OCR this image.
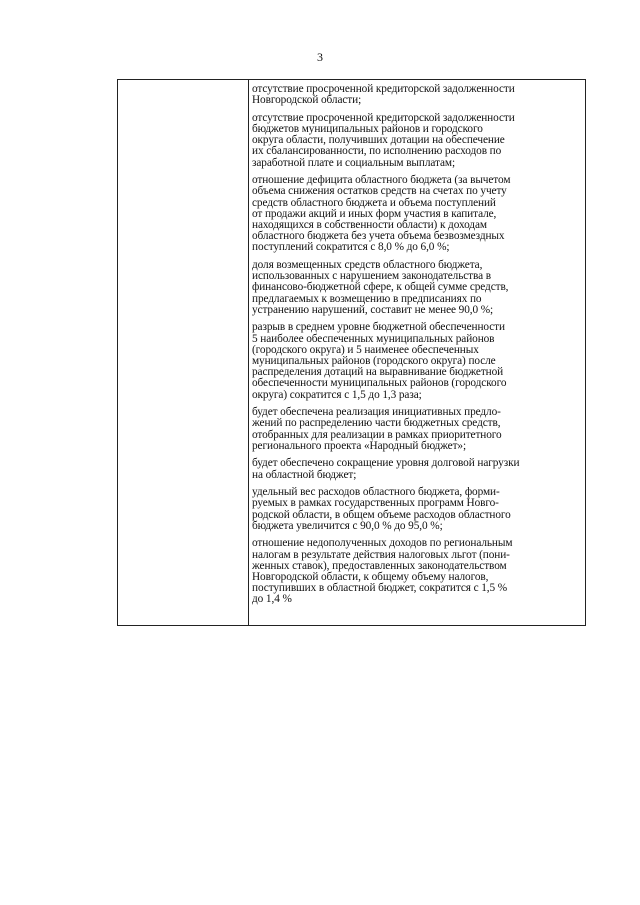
3
отсутствие просроченной кредиторской задолженности
Новгородской области;
отсутствие просроченной кредиторской задолженности
бюджетов муниципальных районов и городского
округа области, получивших дотации на обеспечение
их сбалансированности, по исполнению расходов по
заработной плате и социальным выплатам;
отношение дефицита областного бюджета (за вычетом
объема снижения остатков средств на счетах по учету
средств областного бюджета и объема поступлений
от продажи акций и иных форм участия в капитале,
находящихся в собственности области) к доходам
областного бюджета без учета объема безвозмездных
поступлений сократится с 8,0 % до 6,0 %;
доля возмещенных средств областного бюджета,
использованных с нарушением законодательства в
финансово-бюджетной сфере, к общей сумме средств,
предлагаемых к возмещению в предписаниях по
устранению нарушений, составит не менее 90,0 %;
разрыв в среднем уровне бюджетной обеспеченности
5 наиболее обеспеченных муниципальных районов
(городского округа) и 5 наименее обеспеченных
муниципальных районов (городского округа) после
распределения дотаций на выравнивание бюджетной
обеспеченности муниципальных районов (городского
округа) сократится с 1,5 до 1,3 раза;
будет обеспечена реализация инициативных предло-
жений по распределению части бюджетных средств,
отобранных для реализации в рамках приоритетного
регионального проекта «Народный бюджет»;
будет обеспечено сокращение уровня долговой нагрузки
на областной бюджет;
удельный вес расходов областного бюджета, форми-
руемых в рамках государственных программ Новго-
родской области, в общем объеме расходов областного
бюджета увеличится с 90,0 % до 95,0 %;
отношение недополученных доходов по региональным
налогам в результате действия налоговых льгот (пони-
женных ставок), предоставленных законодательством
Новгородской области, к общему объему налогов,
поступивших в областной бюджет, сократится с 1,5 %
до 1,4 %
